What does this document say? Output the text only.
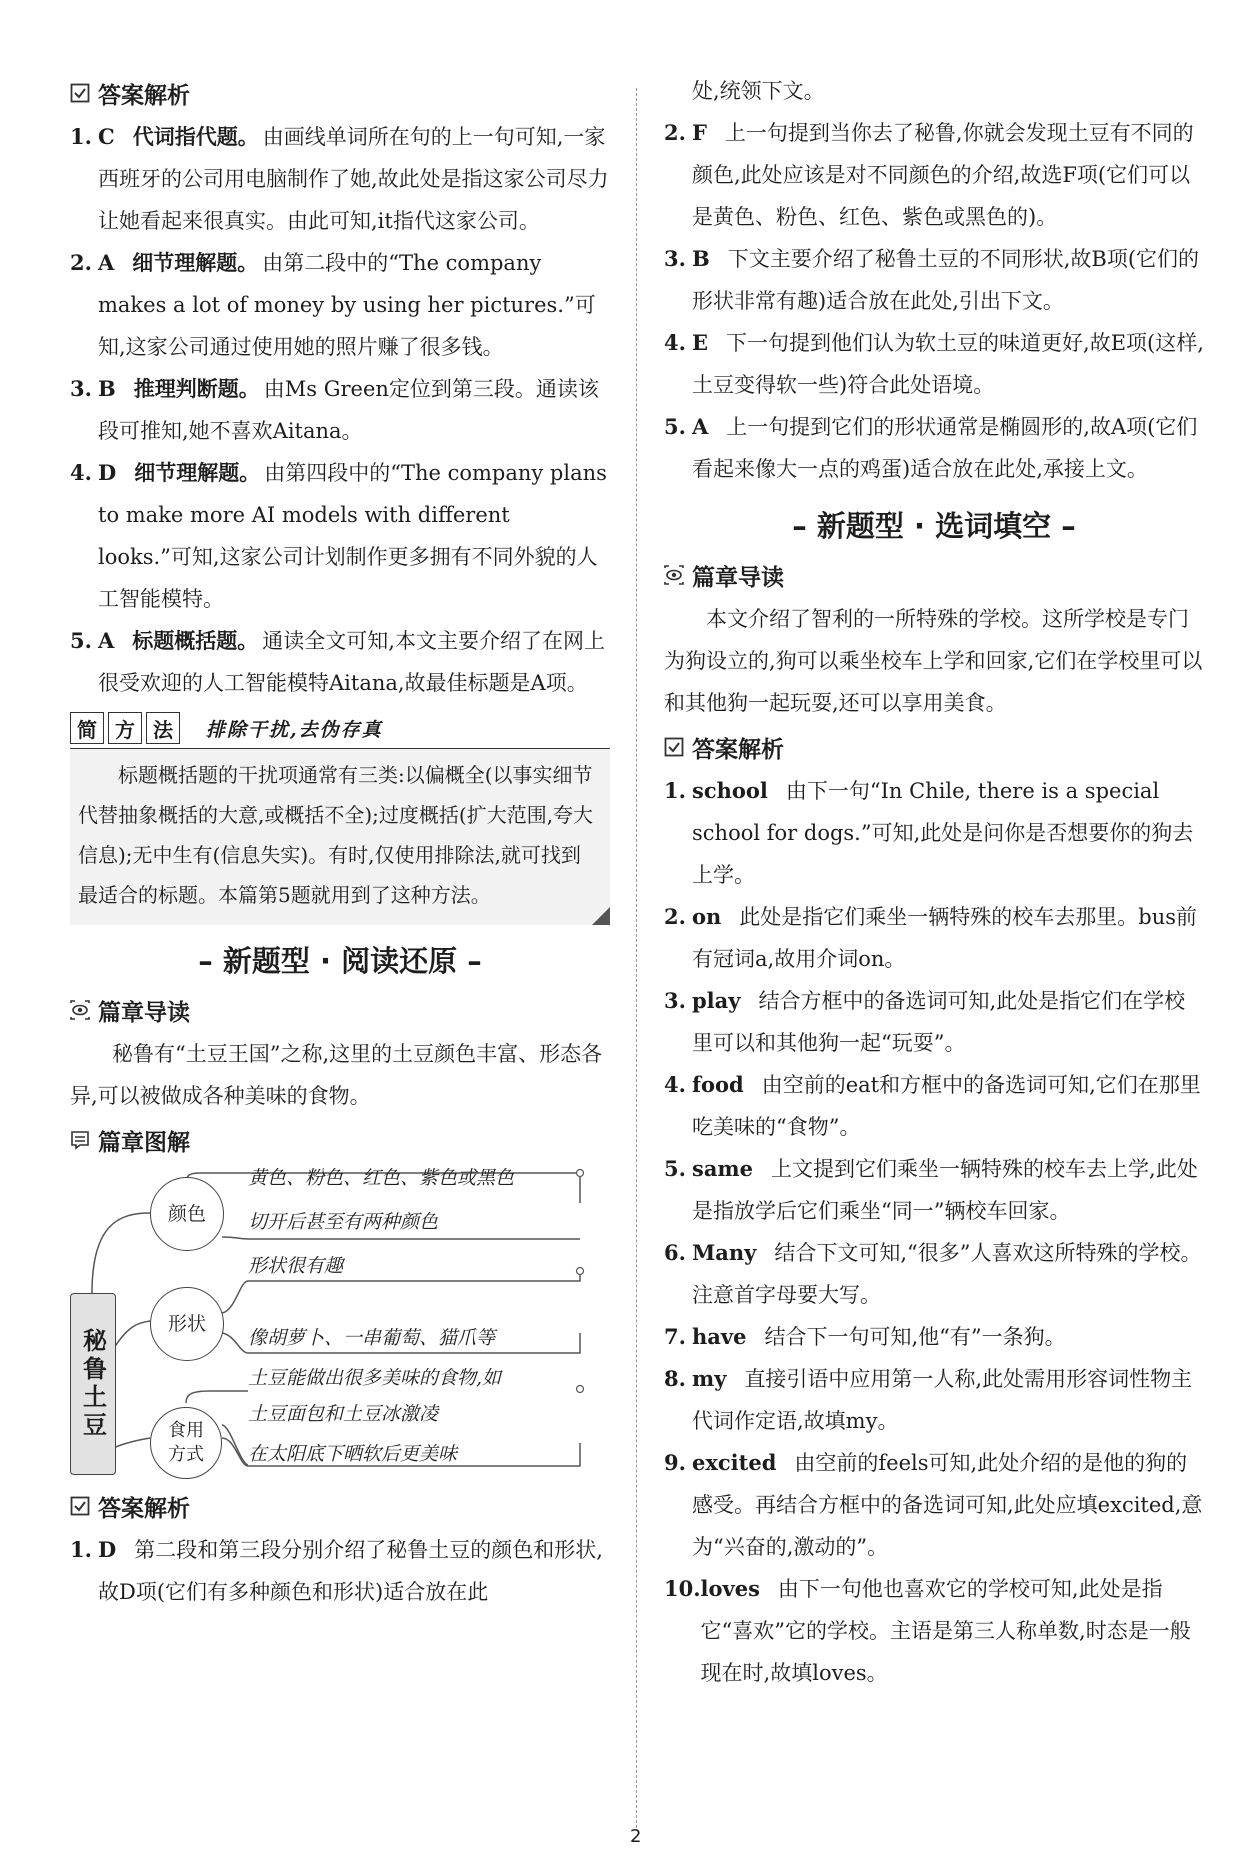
答案解析
1. C 代词指代题。 由画线单词所在句的上一句可知,一家西班牙的公司用电脑制作了她,故此处是指这家公司尽力让她看起来很真实。由此可知,it指代这家公司。
2. A 细节理解题。 由第二段中的“The company makes a lot of money by using her pictures.”可知,这家公司通过使用她的照片赚了很多钱。
3. B 推理判断题。 由Ms Green定位到第三段。通读该段可推知,她不喜欢Aitana。
4. D 细节理解题。 由第四段中的“The company plans to make more AI models with different looks.”可知,这家公司计划制作更多拥有不同外貌的人工智能模特。
5. A 标题概括题。 通读全文可知,本文主要介绍了在网上很受欢迎的人工智能模特Aitana,故最佳标题是A项。
简 方 法	排除干扰,去伪存真
标题概括题的干扰项通常有三类:以偏概全(以事实细节代替抽象概括的大意,或概括不全);过度概括(扩大范围,夸大信息);无中生有(信息失实)。有时,仅使用排除法,就可找到最适合的标题。本篇第5题就用到了这种方法。
– 新题型 · 阅读还原 –
篇章导读
秘鲁有“土豆王国”之称,这里的土豆颜色丰富、形态各异,可以被做成各种美味的食物。
篇章图解
秘鲁土豆
颜色
形状
食用方式
黄色、粉色、红色、紫色或黑色
切开后甚至有两种颜色
形状很有趣
像胡萝卜、一串葡萄、猫爪等
土豆能做出很多美味的食物,如
土豆面包和土豆冰激凌
在太阳底下晒软后更美味
答案解析
1. D 第二段和第三段分别介绍了秘鲁土豆的颜色和形状,故D项(它们有多种颜色和形状)适合放在此
处,统领下文。
2. F 上一句提到当你去了秘鲁,你就会发现土豆有不同的颜色,此处应该是对不同颜色的介绍,故选F项(它们可以是黄色、粉色、红色、紫色或黑色的)。
3. B 下文主要介绍了秘鲁土豆的不同形状,故B项(它们的形状非常有趣)适合放在此处,引出下文。
4. E 下一句提到他们认为软土豆的味道更好,故E项(这样,土豆变得软一些)符合此处语境。
5. A 上一句提到它们的形状通常是椭圆形的,故A项(它们看起来像大一点的鸡蛋)适合放在此处,承接上文。
– 新题型 · 选词填空 –
篇章导读
本文介绍了智利的一所特殊的学校。这所学校是专门为狗设立的,狗可以乘坐校车上学和回家,它们在学校里可以和其他狗一起玩耍,还可以享用美食。
答案解析
1. school 由下一句“In Chile, there is a special school for dogs.”可知,此处是问你是否想要你的狗去上学。
2. on 此处是指它们乘坐一辆特殊的校车去那里。bus前有冠词a,故用介词on。
3. play 结合方框中的备选词可知,此处是指它们在学校里可以和其他狗一起“玩耍”。
4. food 由空前的eat和方框中的备选词可知,它们在那里吃美味的“食物”。
5. same 上文提到它们乘坐一辆特殊的校车去上学,此处是指放学后它们乘坐“同一”辆校车回家。
6. Many 结合下文可知,“很多”人喜欢这所特殊的学校。注意首字母要大写。
7. have 结合下一句可知,他“有”一条狗。
8. my 直接引语中应用第一人称,此处需用形容词性物主代词作定语,故填my。
9. excited 由空前的feels可知,此处介绍的是他的狗的感受。再结合方框中的备选词可知,此处应填excited,意为“兴奋的,激动的”。
10. loves 由下一句他也喜欢它的学校可知,此处是指它“喜欢”它的学校。主语是第三人称单数,时态是一般现在时,故填loves。
2
